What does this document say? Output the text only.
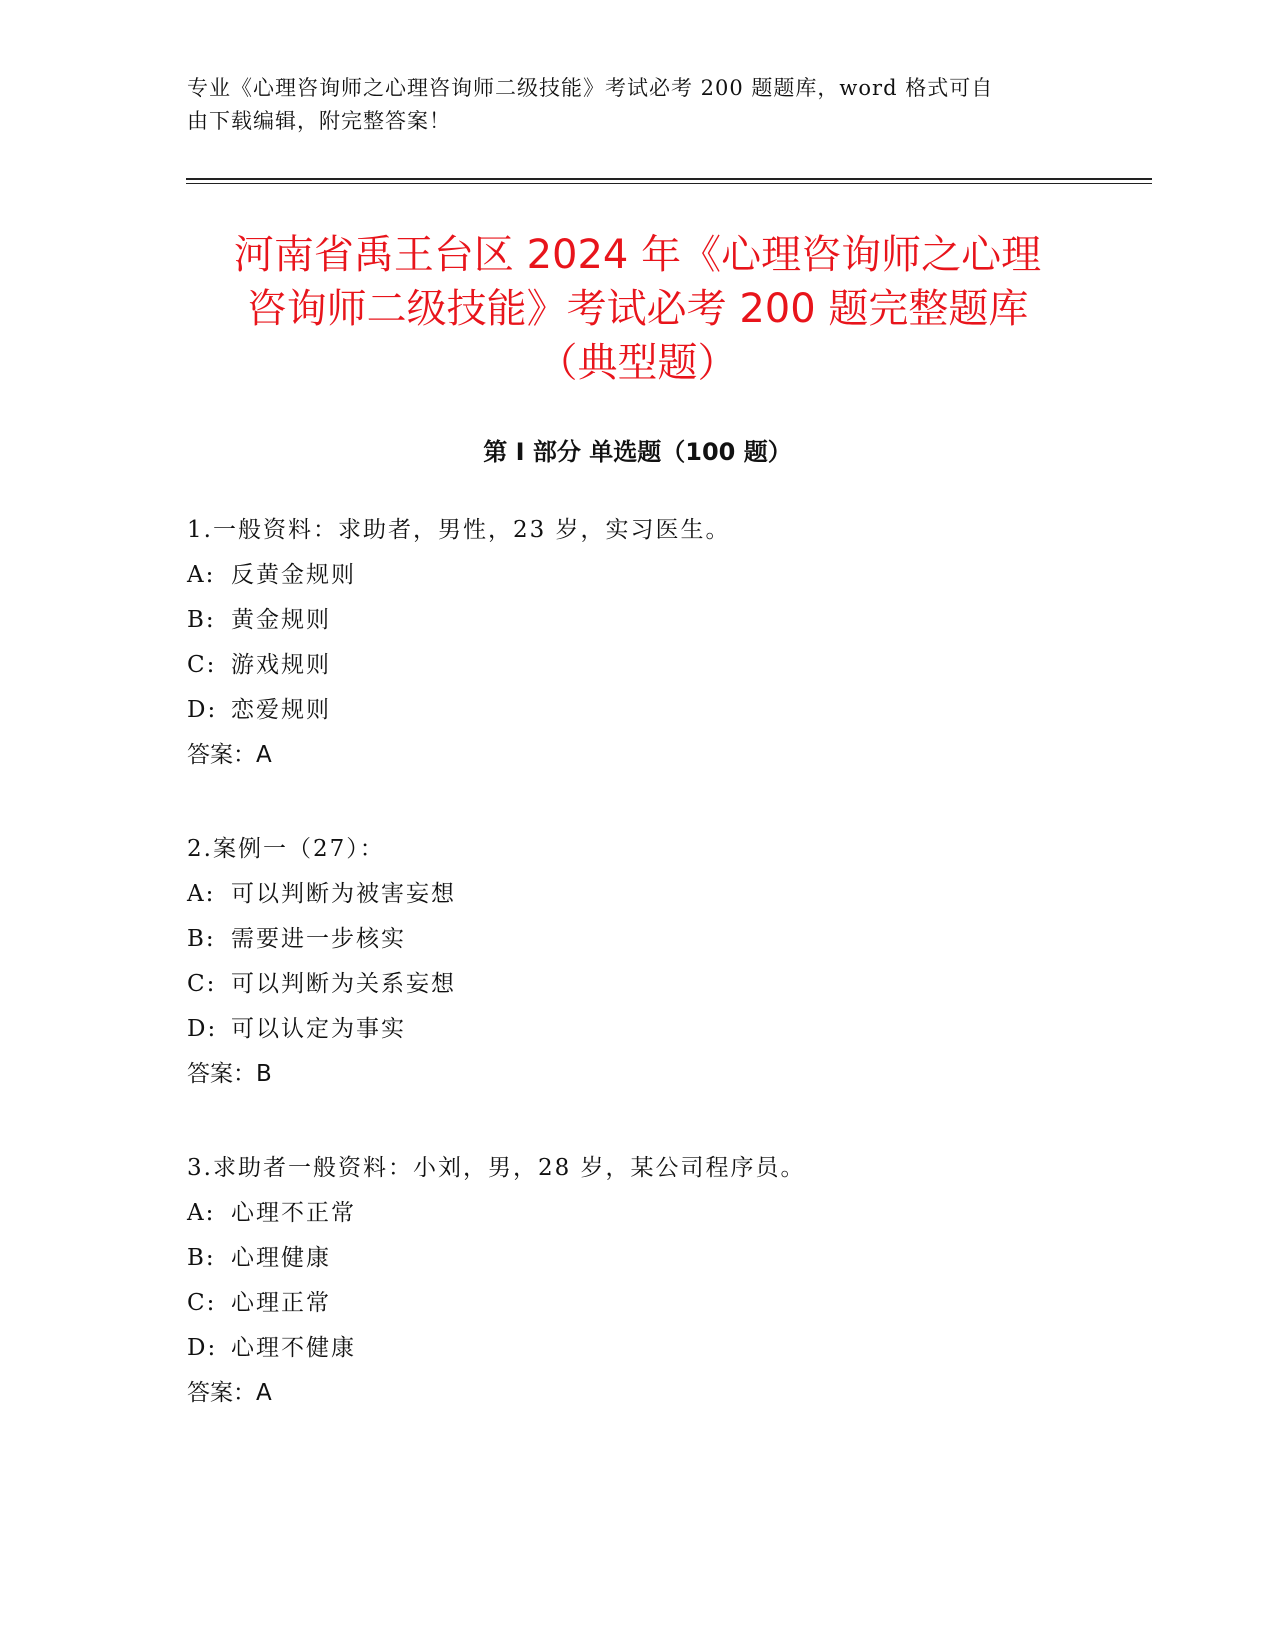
专业《心理咨询师之心理咨询师二级技能》考试必考 200 题题库，word 格式可自
由下载编辑，附完整答案！
河南省禹王台区 2024 年《心理咨询师之心理
咨询师二级技能》考试必考 200 题完整题库
（典型题）
第 I 部分 单选题（100 题）
1.一般资料：求助者，男性，23 岁，实习医生。
A: 反黄金规则
B: 黄金规则
C: 游戏规则
D: 恋爱规则
答案：A
2.案例一（27）：
A: 可以判断为被害妄想
B: 需要进一步核实
C: 可以判断为关系妄想
D: 可以认定为事实
答案：B
3.求助者一般资料：小刘，男，28 岁，某公司程序员。
A: 心理不正常
B: 心理健康
C: 心理正常
D: 心理不健康
答案：A
